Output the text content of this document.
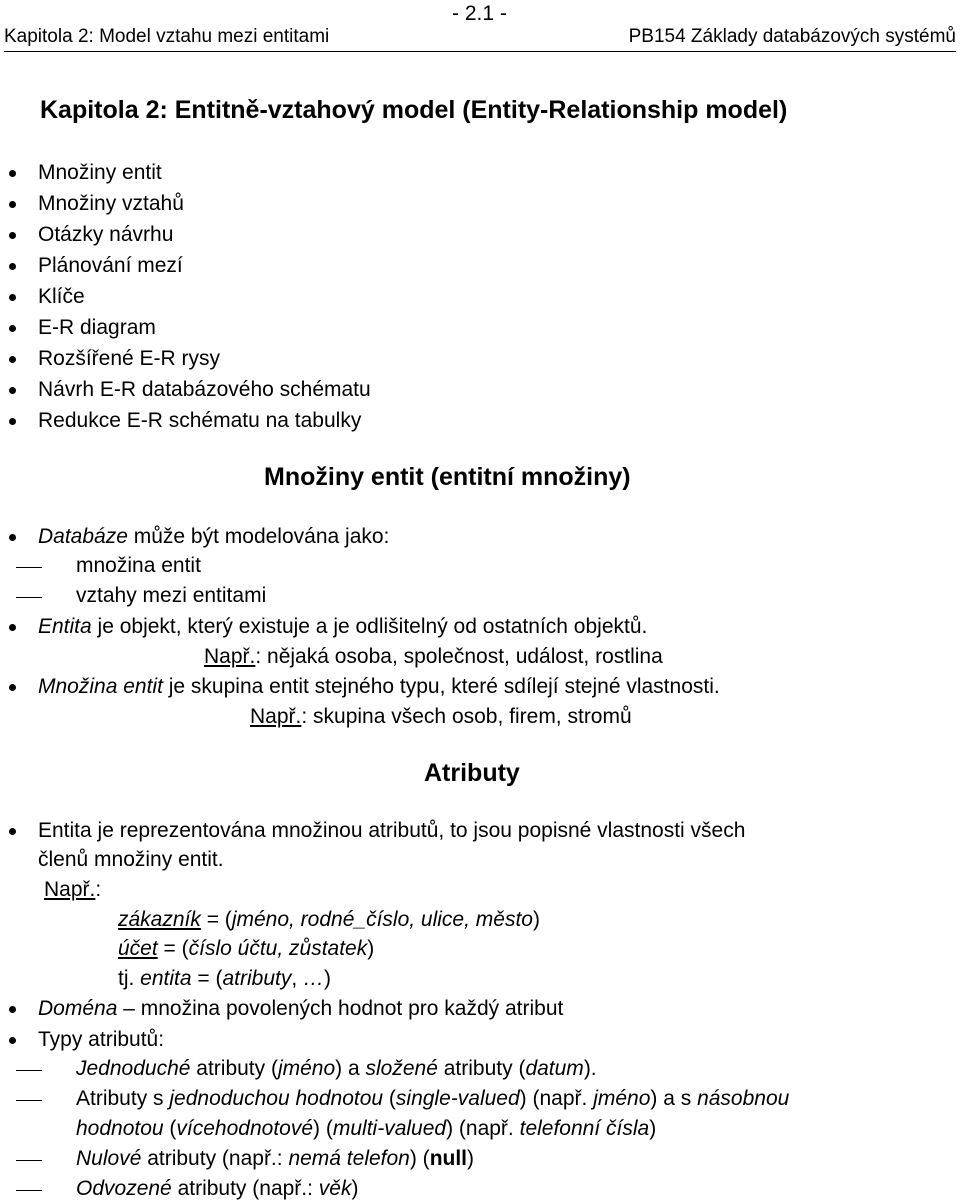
- 2.1 -
Kapitola 2: Model vztahu mezi entitami	PB154 Základy databázových systémů
Kapitola 2: Entitně-vztahový model (Entity-Relationship model)
Množiny entit
Množiny vztahů
Otázky návrhu
Plánování mezí
Klíče
E-R diagram
Rozšířené E-R rysy
Návrh E-R databázového schématu
Redukce E-R schématu na tabulky
Množiny entit (entitní množiny)
Databáze může být modelována jako:
množina entit
vztahy mezi entitami
Entita je objekt, který existuje a je odlišitelný od ostatních objektů.
Např.: nějaká osoba, společnost, událost, rostlina
Množina entit je skupina entit stejného typu, které sdílejí stejné vlastnosti.
Např.: skupina všech osob, firem, stromů
Atributy
Entita je reprezentována množinou atributů, to jsou popisné vlastnosti všech
členů množiny entit.
Např.:
zákazník = (jméno, rodné_číslo, ulice, město)
účet = (číslo účtu, zůstatek)
tj. entita = (atributy, …)
Doména – množina povolených hodnot pro každý atribut
Typy atributů:
Jednoduché atributy (jméno) a složené atributy (datum).
Atributy s jednoduchou hodnotou (single-valued) (např. jméno) a s násobnou
hodnotou (vícehodnotové) (multi-valued) (např. telefonní čísla)
Nulové atributy (např.: nemá telefon) (null)
Odvozené atributy (např.: věk)
